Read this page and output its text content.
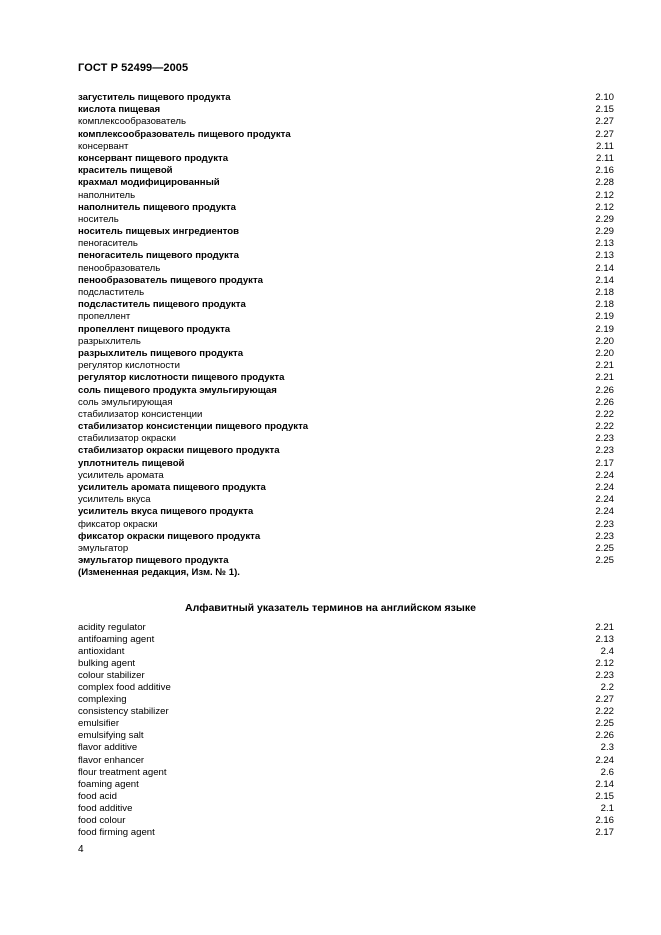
ГОСТ Р 52499—2005
загуститель пищевого продукта	2.10
кислота пищевая	2.15
комплексообразователь	2.27
комплексообразователь пищевого продукта	2.27
консервант	2.11
консервант пищевого продукта	2.11
краситель пищевой	2.16
крахмал модифицированный	2.28
наполнитель	2.12
наполнитель пищевого продукта	2.12
носитель	2.29
носитель пищевых ингредиентов	2.29
пеногаситель	2.13
пеногаситель пищевого продукта	2.13
пенообразователь	2.14
пенообразователь пищевого продукта	2.14
подсластитель	2.18
подсластитель пищевого продукта	2.18
пропеллент	2.19
пропеллент пищевого продукта	2.19
разрыхлитель	2.20
разрыхлитель пищевого продукта	2.20
регулятор кислотности	2.21
регулятор кислотности пищевого продукта	2.21
соль пищевого продукта эмульгирующая	2.26
соль эмульгирующая	2.26
стабилизатор консистенции	2.22
стабилизатор консистенции пищевого продукта	2.22
стабилизатор окраски	2.23
стабилизатор окраски пищевого продукта	2.23
уплотнитель пищевой	2.17
усилитель аромата	2.24
усилитель аромата пищевого продукта	2.24
усилитель вкуса	2.24
усилитель вкуса пищевого продукта	2.24
фиксатор окраски	2.23
фиксатор окраски пищевого продукта	2.23
эмульгатор	2.25
эмульгатор пищевого продукта	2.25
(Измененная редакция, Изм. № 1).
Алфавитный указатель терминов на английском языке
acidity regulator	2.21
antifoaming agent	2.13
antioxidant	2.4
bulking agent	2.12
colour stabilizer	2.23
complex food additive	2.2
complexing	2.27
consistency stabilizer	2.22
emulsifier	2.25
emulsifying salt	2.26
flavor additive	2.3
flavor enhancer	2.24
flour treatment agent	2.6
foaming agent	2.14
food acid	2.15
food additive	2.1
food colour	2.16
food firming agent	2.17
4
